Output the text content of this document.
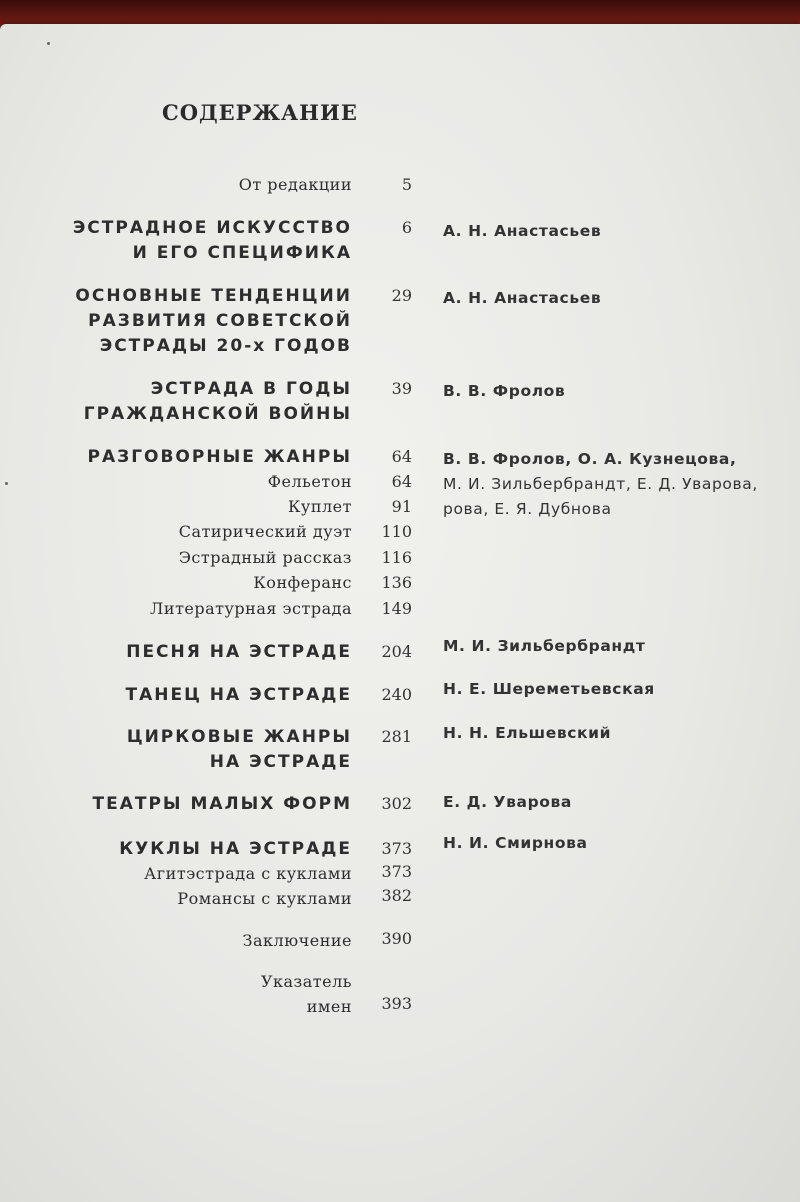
СОДЕРЖАНИЕ
От редакции	5
ЭСТРАДНОЕ ИСКУССТВО
И ЕГО СПЕЦИФИКА
6 А. Н. Анастасьев
ОСНОВНЫЕ ТЕНДЕНЦИИ
РАЗВИТИЯ СОВЕТСКОЙ
ЭСТРАДЫ 20-х ГОДОВ
29 А. Н. Анастасьев
ЭСТРАДА В ГОДЫ
ГРАЖДАНСКОЙ ВОЙНЫ
39 В. В. Фролов
РАЗГОВОРНЫЕ ЖАНРЫ 64 В. В. Фролов, О. А. Кузнецова,
М. И. Зильбербрандт, Е. Д. Уварова,
рова, Е. Я. Дубнова
Фельетон 64
Куплет 91
Сатирический дуэт 110
Эстрадный рассказ 116
Конферанс 136
Литературная эстрада 149
ПЕСНЯ НА ЭСТРАДЕ 204 М. И. Зильбербрандт
ТАНЕЦ НА ЭСТРАДЕ 240 Н. Е. Шереметьевская
ЦИРКОВЫЕ ЖАНРЫ
НА ЭСТРАДЕ
281 Н. Н. Ельшевский
ТЕАТРЫ МАЛЫХ ФОРМ 302 Е. Д. Уварова
КУКЛЫ НА ЭСТРАДЕ 373 Н. И. Смирнова
Агитэстрада с куклами 373
Романсы с куклами 382
Заключение 390
Указатель
имен 393
